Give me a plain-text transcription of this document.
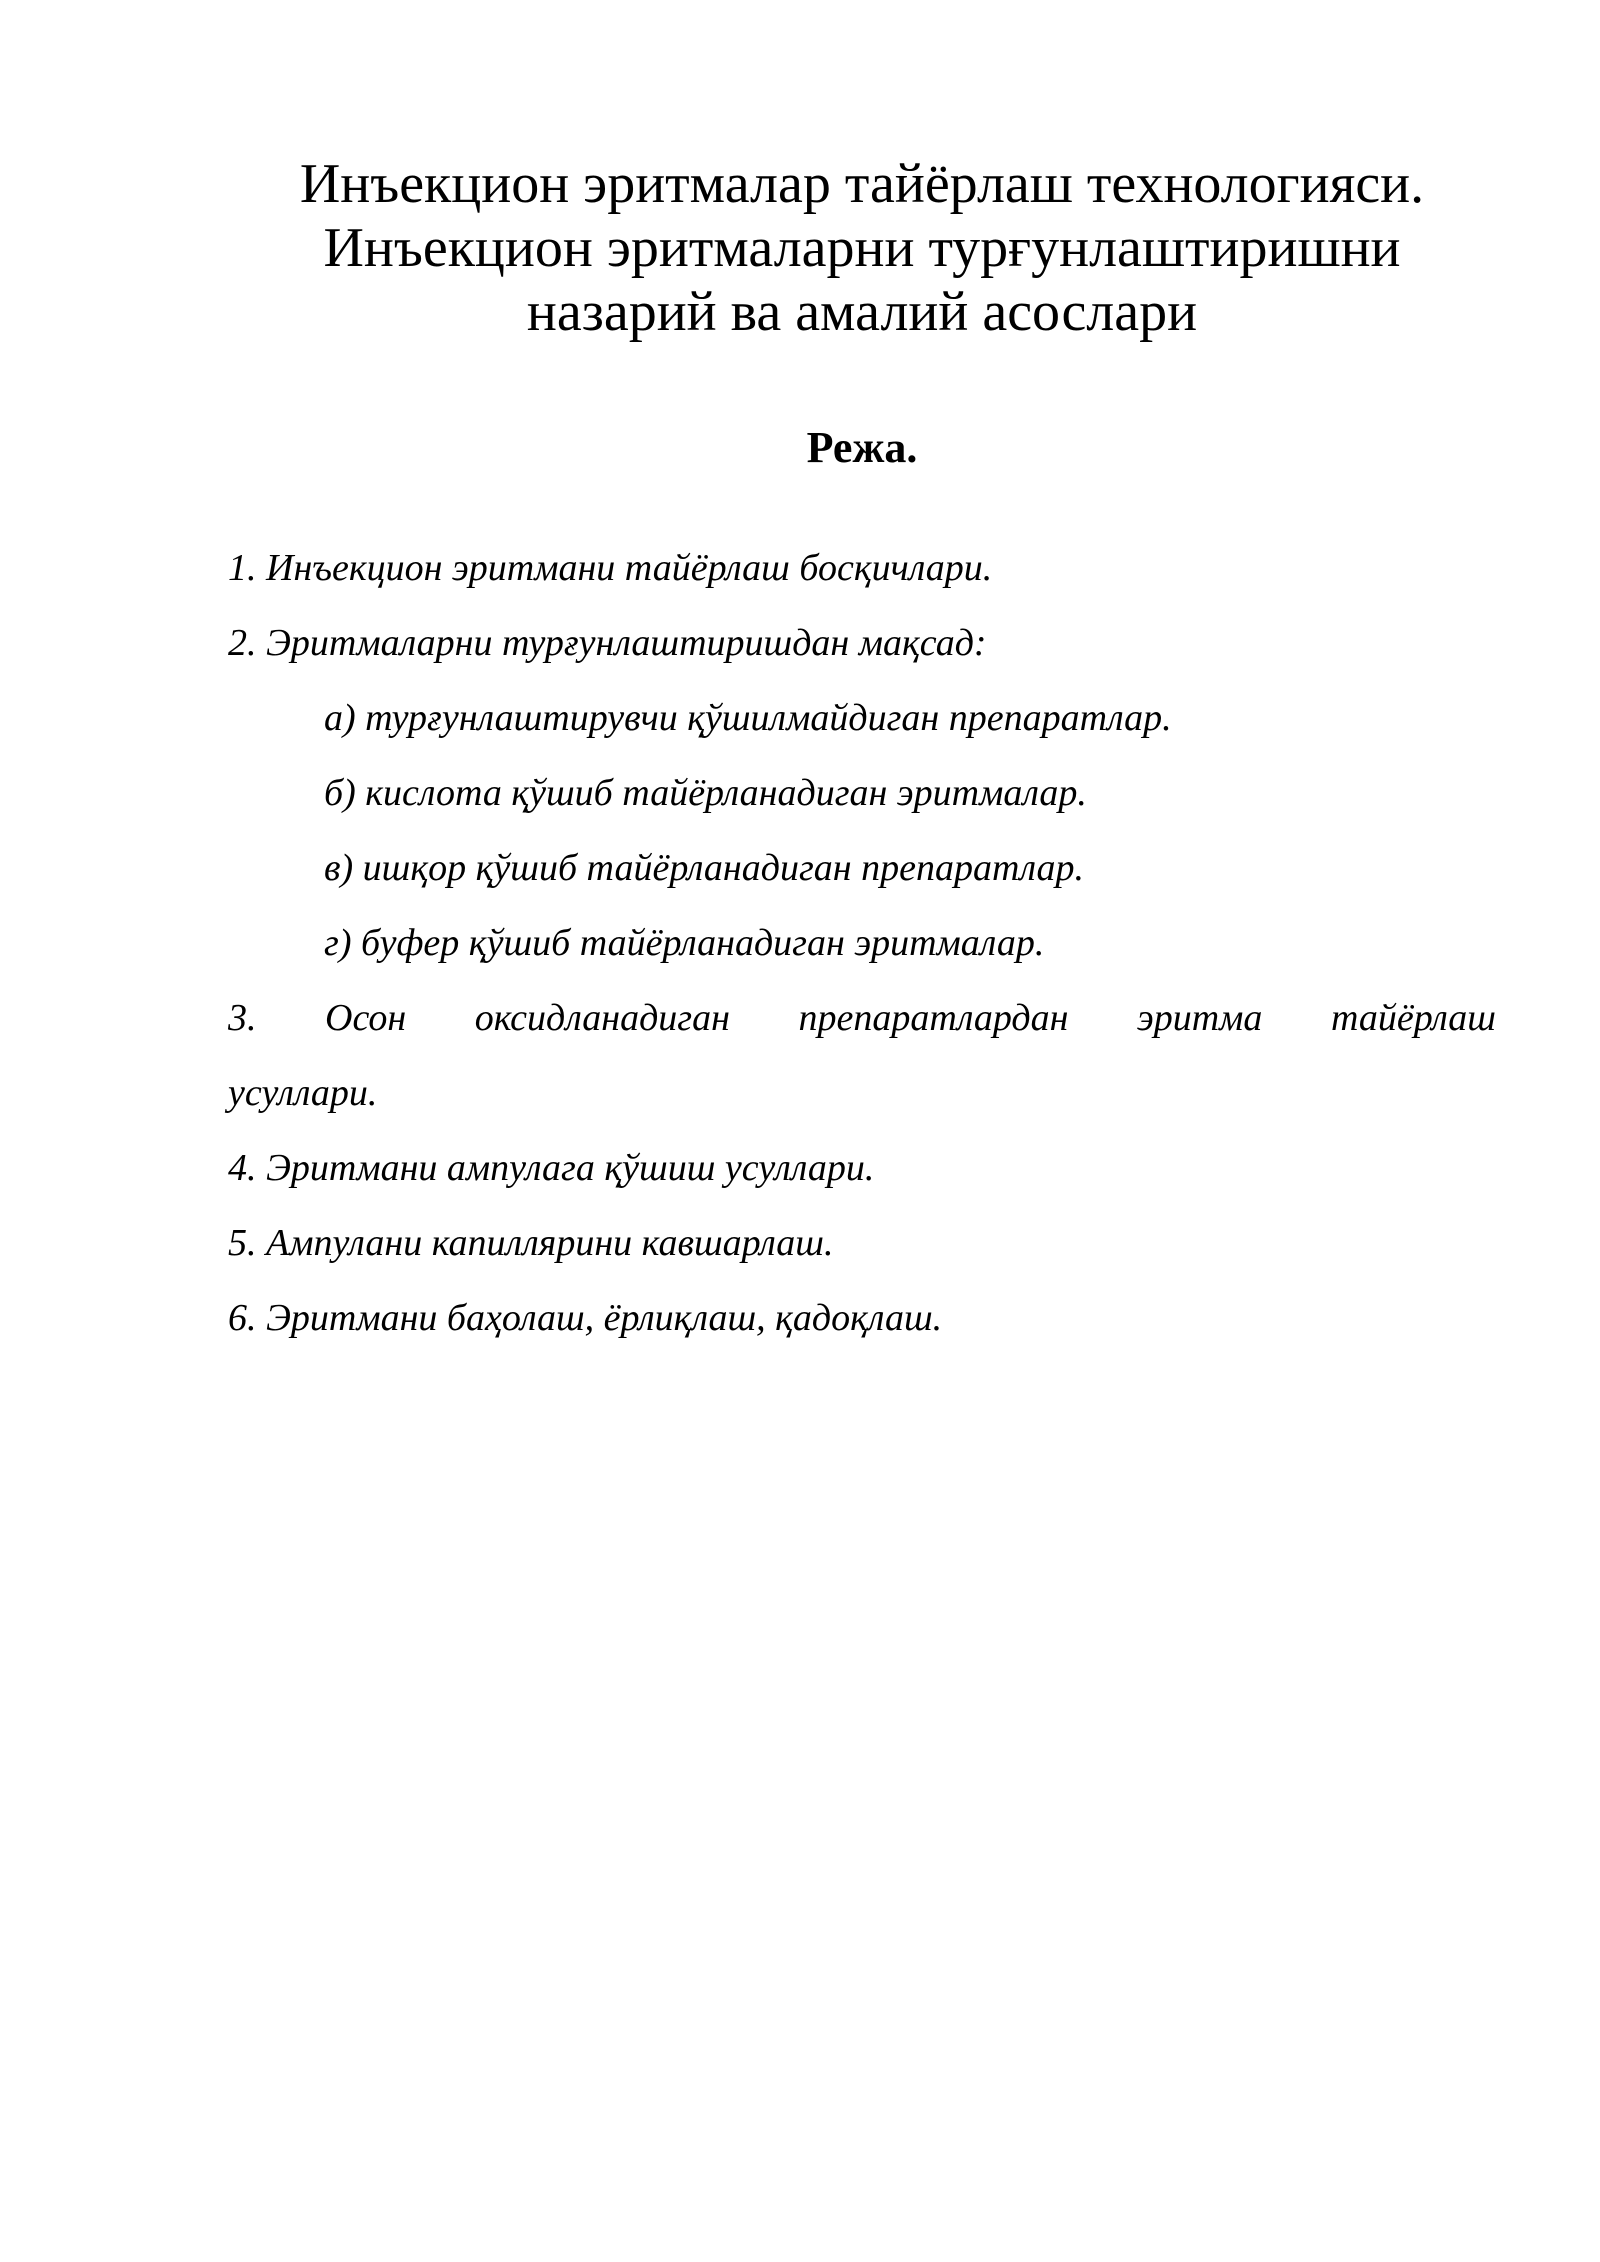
Инъекцион эритмалар тайёрлаш технологияси.
Инъекцион эритмаларни турғунлаштиришни
назарий ва амалий асослари
Режа.
1. Инъекцион эритмани тайёрлаш босқичлари.
2. Эритмаларни турғунлаштиришдан мақсад:
а) турғунлаштирувчи қўшилмайдиган препаратлар.
б) кислота қўшиб тайёрланадиган эритмалар.
в) ишқор қўшиб тайёрланадиган препаратлар.
г) буфер қўшиб тайёрланадиган эритмалар.
3. Осон оксидланадиган препаратлардан эритма тайёрлаш
усуллари.
4. Эритмани ампулага қўшиш усуллари.
5. Ампулани капиллярини кавшарлаш.
6. Эритмани баҳолаш, ёрлиқлаш, қадоқлаш.
